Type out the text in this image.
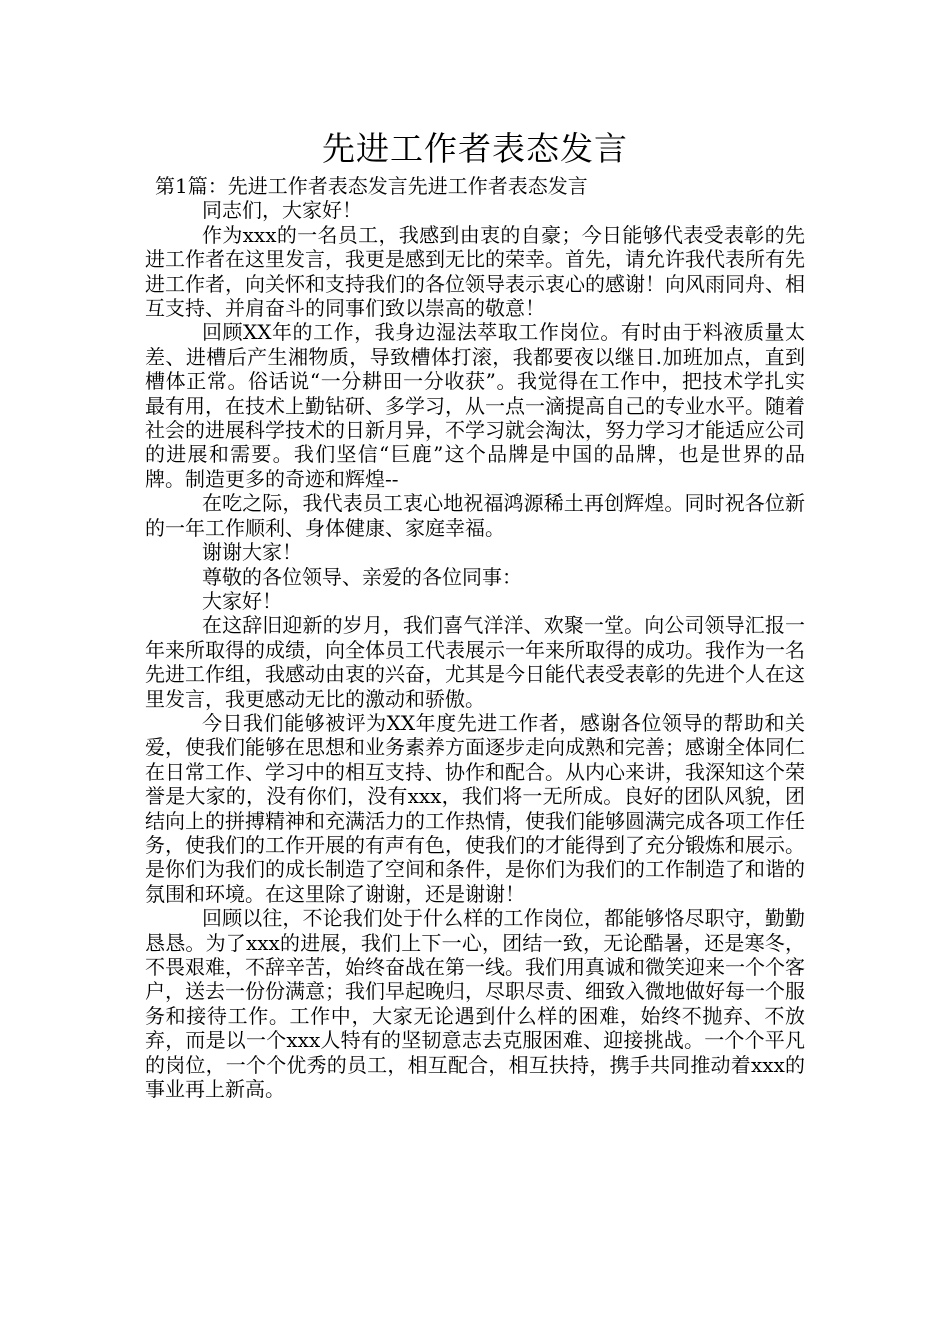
先进工作者表态发言

第1篇：先进工作者表态发言先进工作者表态发言

同志们，大家好！

作为xxx的一名员工，我感到由衷的自豪；今日能够代表受表彰的先进工作者在这里发言，我更是感到无比的荣幸。首先，请允许我代表所有先进工作者，向关怀和支持我们的各位领导表示衷心的感谢！向风雨同舟、相互支持、并肩奋斗的同事们致以崇高的敬意！

回顾XX年的工作，我身边湿法萃取工作岗位。有时由于料液质量太差、进槽后产生湘物质，导致槽体打滚，我都要夜以继日.加班加点，直到槽体正常。俗话说“一分耕田一分收获”。我觉得在工作中，把技术学扎实最有用，在技术上勤钻研、多学习，从一点一滴提高自己的专业水平。随着社会的进展科学技术的日新月异，不学习就会淘汰，努力学习才能适应公司的进展和需要。我们坚信“巨鹿”这个品牌是中国的品牌，也是世界的品牌。制造更多的奇迹和辉煌--

在吃之际，我代表员工衷心地祝福鸿源稀土再创辉煌。同时祝各位新的一年工作顺利、身体健康、家庭幸福。

谢谢大家！

尊敬的各位领导、亲爱的各位同事：

大家好！

在这辞旧迎新的岁月，我们喜气洋洋、欢聚一堂。向公司领导汇报一年来所取得的成绩，向全体员工代表展示一年来所取得的成功。我作为一名先进工作组，我感动由衷的兴奋，尤其是今日能代表受表彰的先进个人在这里发言，我更感动无比的激动和骄傲。

今日我们能够被评为XX年度先进工作者，感谢各位领导的帮助和关爱，使我们能够在思想和业务素养方面逐步走向成熟和完善；感谢全体同仁在日常工作、学习中的相互支持、协作和配合。从内心来讲，我深知这个荣誉是大家的，没有你们，没有xxx，我们将一无所成。良好的团队风貌，团结向上的拼搏精神和充满活力的工作热情，使我们能够圆满完成各项工作任务，使我们的工作开展的有声有色，使我们的才能得到了充分锻炼和展示。是你们为我们的成长制造了空间和条件，是你们为我们的工作制造了和谐的氛围和环境。在这里除了谢谢，还是谢谢！

回顾以往，不论我们处于什么样的工作岗位，都能够恪尽职守，勤勤恳恳。为了xxx的进展，我们上下一心，团结一致，无论酷暑，还是寒冬，不畏艰难，不辞辛苦，始终奋战在第一线。我们用真诚和微笑迎来一个个客户，送去一份份满意；我们早起晚归，尽职尽责、细致入微地做好每一个服务和接待工作。工作中，大家无论遇到什么样的困难，始终不抛弃、不放弃，而是以一个xxx人特有的坚韧意志去克服困难、迎接挑战。一个个平凡的岗位，一个个优秀的员工，相互配合，相互扶持，携手共同推动着xxx的事业再上新高。
